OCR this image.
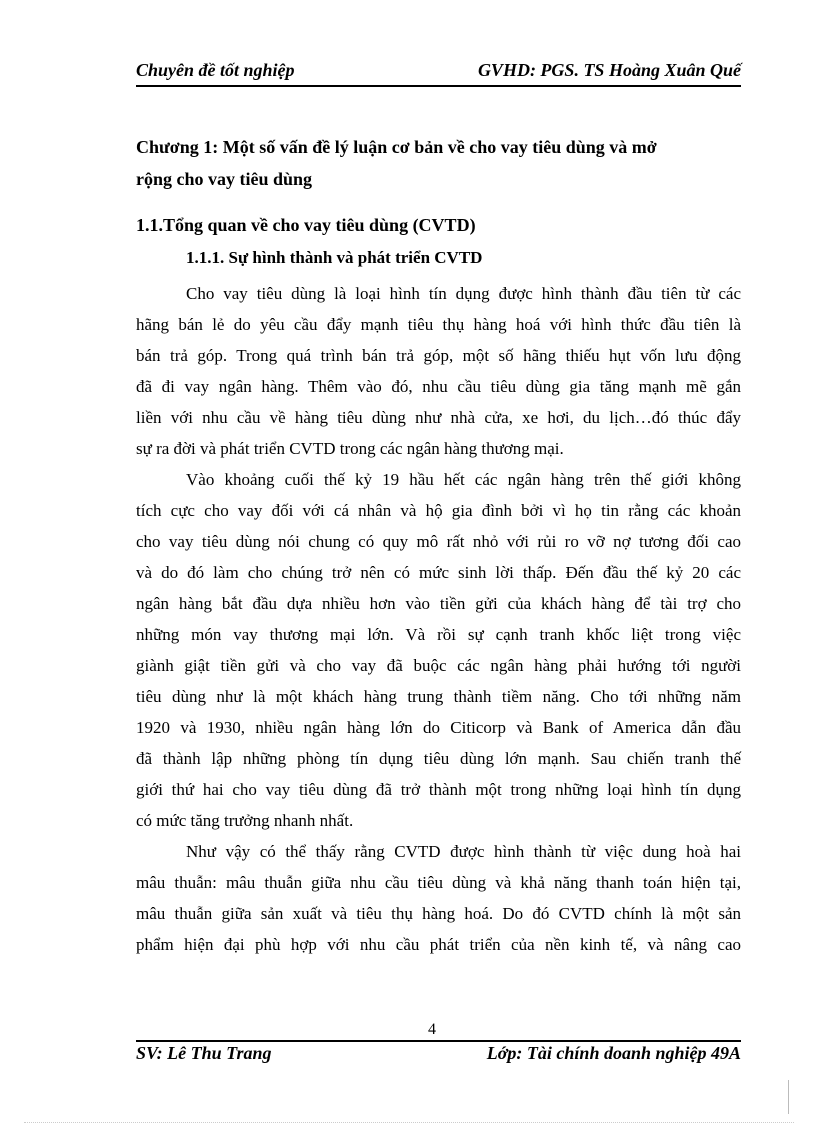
Chuyên đề tốt nghiệp	GVHD: PGS. TS Hoàng Xuân Quế
Chương 1: Một số vấn đề lý luận cơ bản về cho vay tiêu dùng và mở
rộng cho vay tiêu dùng
1.1.Tổng quan về cho vay tiêu dùng (CVTD)
1.1.1. Sự hình thành và phát triển CVTD

Cho vay tiêu dùng là loại hình tín dụng được hình thành đầu tiên từ các
hãng bán lẻ do yêu cầu đẩy mạnh tiêu thụ hàng hoá với hình thức đầu tiên là
bán trả góp. Trong quá trình bán trả góp, một số hãng thiếu hụt vốn lưu động
đã đi vay ngân hàng. Thêm vào đó, nhu cầu tiêu dùng gia tăng mạnh mẽ gắn
liền với nhu cầu về hàng tiêu dùng như nhà cửa, xe hơi, du lịch…đó thúc đẩy
sự ra đời và phát triển CVTD trong các ngân hàng thương mại.

Vào khoảng cuối thế kỷ 19 hầu hết các ngân hàng trên thế giới không
tích cực cho vay đối với cá nhân và hộ gia đình bởi vì họ tin rằng các khoản
cho vay tiêu dùng nói chung có quy mô rất nhỏ với rủi ro vỡ nợ tương đối cao
và do đó làm cho chúng trở nên có mức sinh lời thấp. Đến đầu thế kỷ 20 các
ngân hàng bắt đầu dựa nhiều hơn vào tiền gửi của khách hàng để tài trợ cho
những món vay thương mại lớn. Và rồi sự cạnh tranh khốc liệt trong việc
giành giật tiền gửi và cho vay đã buộc các ngân hàng phải hướng tới người
tiêu dùng như là một khách hàng trung thành tiềm năng. Cho tới những năm
1920 và 1930, nhiều ngân hàng lớn do Citicorp và Bank of America dẫn đầu
đã thành lập những phòng tín dụng tiêu dùng lớn mạnh. Sau chiến tranh thế
giới thứ hai cho vay tiêu dùng đã trở thành một trong những loại hình tín dụng
có mức tăng trưởng nhanh nhất.

Như vậy có thể thấy rằng CVTD được hình thành từ việc dung hoà hai
mâu thuẫn: mâu thuẫn giữa nhu cầu tiêu dùng và khả năng thanh toán hiện tại,
mâu thuẫn giữa sản xuất và tiêu thụ hàng hoá. Do đó CVTD chính là một sản
phẩm hiện đại phù hợp với nhu cầu phát triển của nền kinh tế, và nâng cao

4
SV: Lê Thu Trang	Lớp: Tài chính doanh nghiệp 49A
